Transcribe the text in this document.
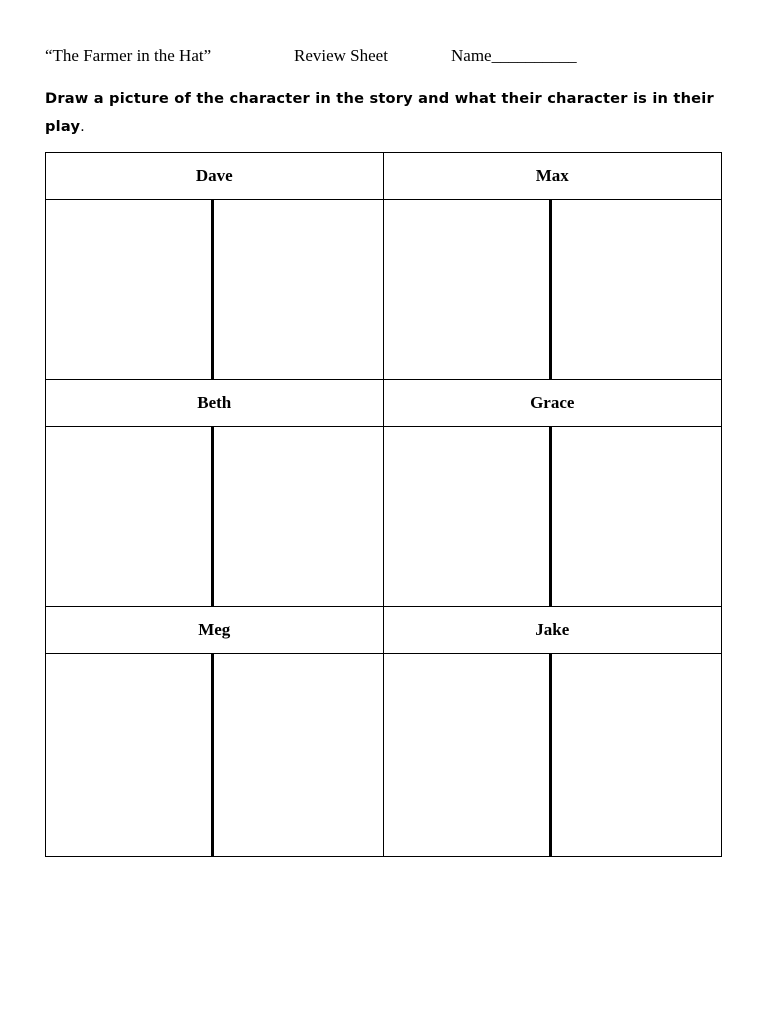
“The Farmer in the Hat”	Review Sheet	Name__________
Draw a picture of the character in the story and what their character is in their play.
Dave	Max
Beth	Grace
Meg	Jake
